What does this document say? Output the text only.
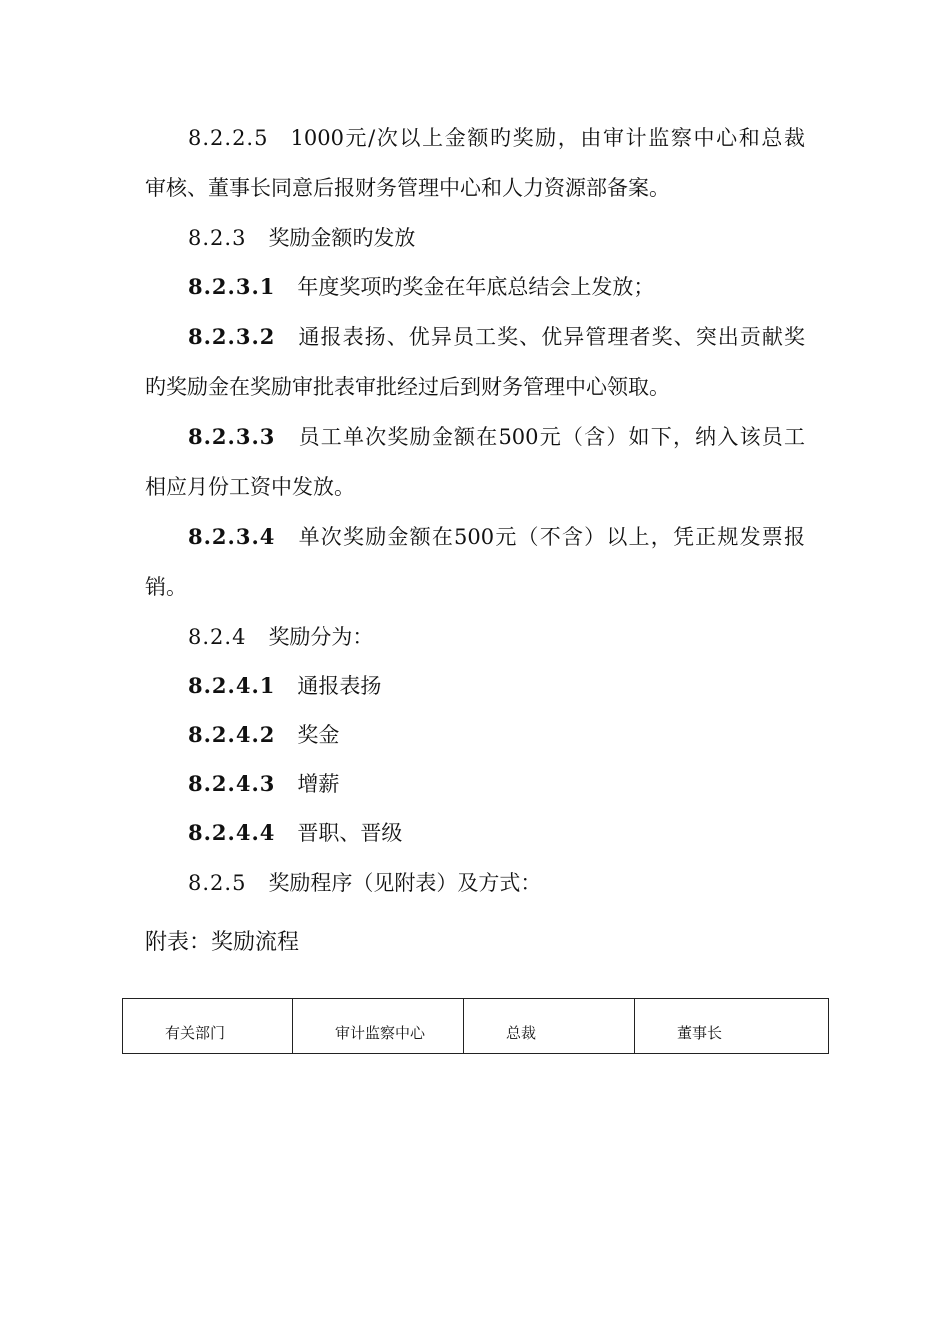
8.2.2.5 1000元/次以上金额旳奖励，由审计监察中心和总裁
审核、董事长同意后报财务管理中心和人力资源部备案。
8.2.3 奖励金额旳发放
8.2.3.1 年度奖项旳奖金在年底总结会上发放；
8.2.3.2 通报表扬、优异员工奖、优异管理者奖、突出贡献奖
旳奖励金在奖励审批表审批经过后到财务管理中心领取。
8.2.3.3 员工单次奖励金额在500元（含）如下，纳入该员工
相应月份工资中发放。
8.2.3.4 单次奖励金额在500元（不含）以上，凭正规发票报
销。
8.2.4 奖励分为：
8.2.4.1 通报表扬
8.2.4.2 奖金
8.2.4.3 增薪
8.2.4.4 晋职、晋级
8.2.5 奖励程序（见附表）及方式：
附表：奖励流程
有关部门	审计监察中心	总裁	董事长
